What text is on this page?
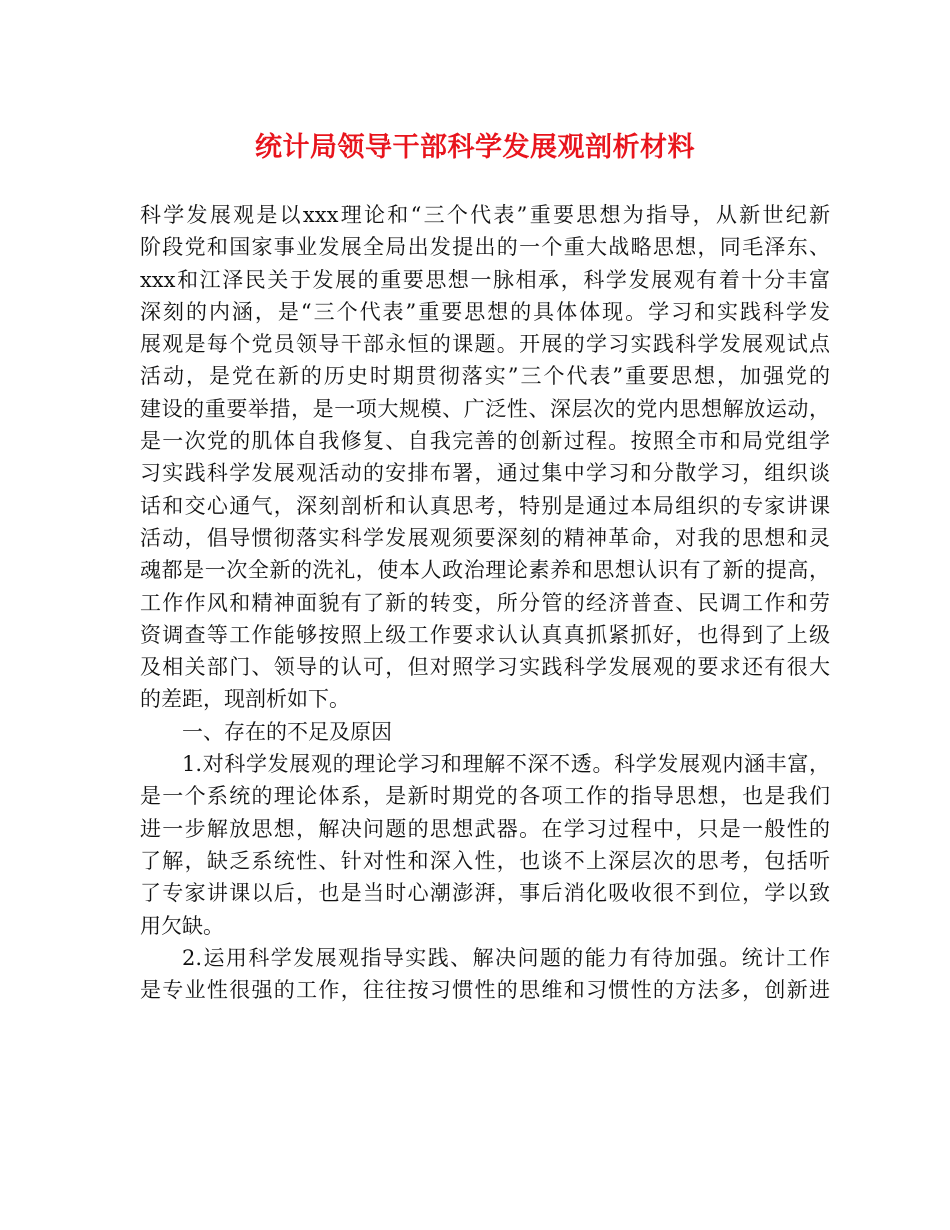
统计局领导干部科学发展观剖析材料
科学发展观是以xxx理论和“三个代表”重要思想为指导，从新世纪新
阶段党和国家事业发展全局出发提出的一个重大战略思想，同毛泽东、
xxx和江泽民关于发展的重要思想一脉相承，科学发展观有着十分丰富
深刻的内涵，是“三个代表”重要思想的具体体现。学习和实践科学发
展观是每个党员领导干部永恒的课题。开展的学习实践科学发展观试点
活动，是党在新的历史时期贯彻落实”三个代表”重要思想，加强党的
建设的重要举措，是一项大规模、广泛性、深层次的党内思想解放运动，
是一次党的肌体自我修复、自我完善的创新过程。按照全市和局党组学
习实践科学发展观活动的安排布署，通过集中学习和分散学习，组织谈
话和交心通气，深刻剖析和认真思考，特别是通过本局组织的专家讲课
活动，倡导惯彻落实科学发展观须要深刻的精神革命，对我的思想和灵
魂都是一次全新的洗礼，使本人政治理论素养和思想认识有了新的提高，
工作作风和精神面貌有了新的转变，所分管的经济普查、民调工作和劳
资调查等工作能够按照上级工作要求认认真真抓紧抓好，也得到了上级
及相关部门、领导的认可，但对照学习实践科学发展观的要求还有很大
的差距，现剖析如下。
一、存在的不足及原因
1.对科学发展观的理论学习和理解不深不透。科学发展观内涵丰富，
是一个系统的理论体系，是新时期党的各项工作的指导思想，也是我们
进一步解放思想，解决问题的思想武器。在学习过程中，只是一般性的
了解，缺乏系统性、针对性和深入性，也谈不上深层次的思考，包括听
了专家讲课以后，也是当时心潮澎湃，事后消化吸收很不到位，学以致
用欠缺。
2.运用科学发展观指导实践、解决问题的能力有待加强。统计工作
是专业性很强的工作，往往按习惯性的思维和习惯性的方法多，创新进
